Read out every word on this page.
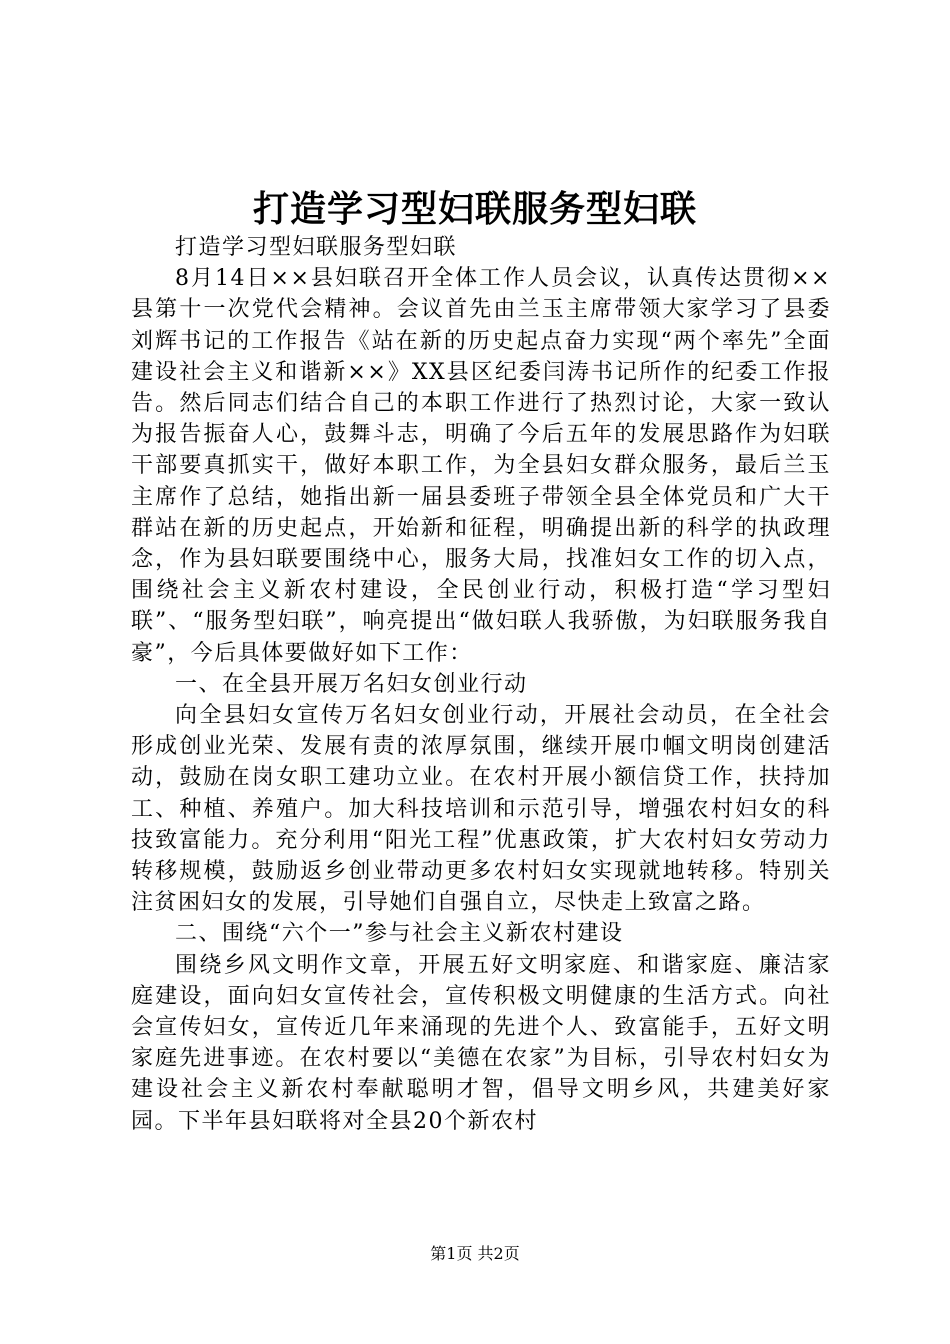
打造学习型妇联服务型妇联

打造学习型妇联服务型妇联

8月14日××县妇联召开全体工作人员会议，认真传达贯彻××县第十一次党代会精神。会议首先由兰玉主席带领大家学习了县委刘辉书记的工作报告《站在新的历史起点奋力实现“两个率先”全面建设社会主义和谐新××》XX县区纪委闫涛书记所作的纪委工作报告。然后同志们结合自己的本职工作进行了热烈讨论，大家一致认为报告振奋人心，鼓舞斗志，明确了今后五年的发展思路作为妇联干部要真抓实干，做好本职工作，为全县妇女群众服务，最后兰玉主席作了总结，她指出新一届县委班子带领全县全体党员和广大干群站在新的历史起点，开始新和征程，明确提出新的科学的执政理念，作为县妇联要围绕中心，服务大局，找准妇女工作的切入点，围绕社会主义新农村建设，全民创业行动，积极打造“学习型妇联”、“服务型妇联”，响亮提出“做妇联人我骄傲，为妇联服务我自豪”，今后具体要做好如下工作：

一、在全县开展万名妇女创业行动

向全县妇女宣传万名妇女创业行动，开展社会动员，在全社会形成创业光荣、发展有责的浓厚氛围，继续开展巾帼文明岗创建活动，鼓励在岗女职工建功立业。在农村开展小额信贷工作，扶持加工、种植、养殖户。加大科技培训和示范引导，增强农村妇女的科技致富能力。充分利用“阳光工程”优惠政策，扩大农村妇女劳动力转移规模，鼓励返乡创业带动更多农村妇女实现就地转移。特别关注贫困妇女的发展，引导她们自强自立，尽快走上致富之路。

二、围绕“六个一”参与社会主义新农村建设

围绕乡风文明作文章，开展五好文明家庭、和谐家庭、廉洁家庭建设，面向妇女宣传社会，宣传积极文明健康的生活方式。向社会宣传妇女，宣传近几年来涌现的先进个人、致富能手，五好文明家庭先进事迹。在农村要以“美德在农家”为目标，引导农村妇女为建设社会主义新农村奉献聪明才智，倡导文明乡风，共建美好家园。下半年县妇联将对全县20个新农村

第1页 共2页
